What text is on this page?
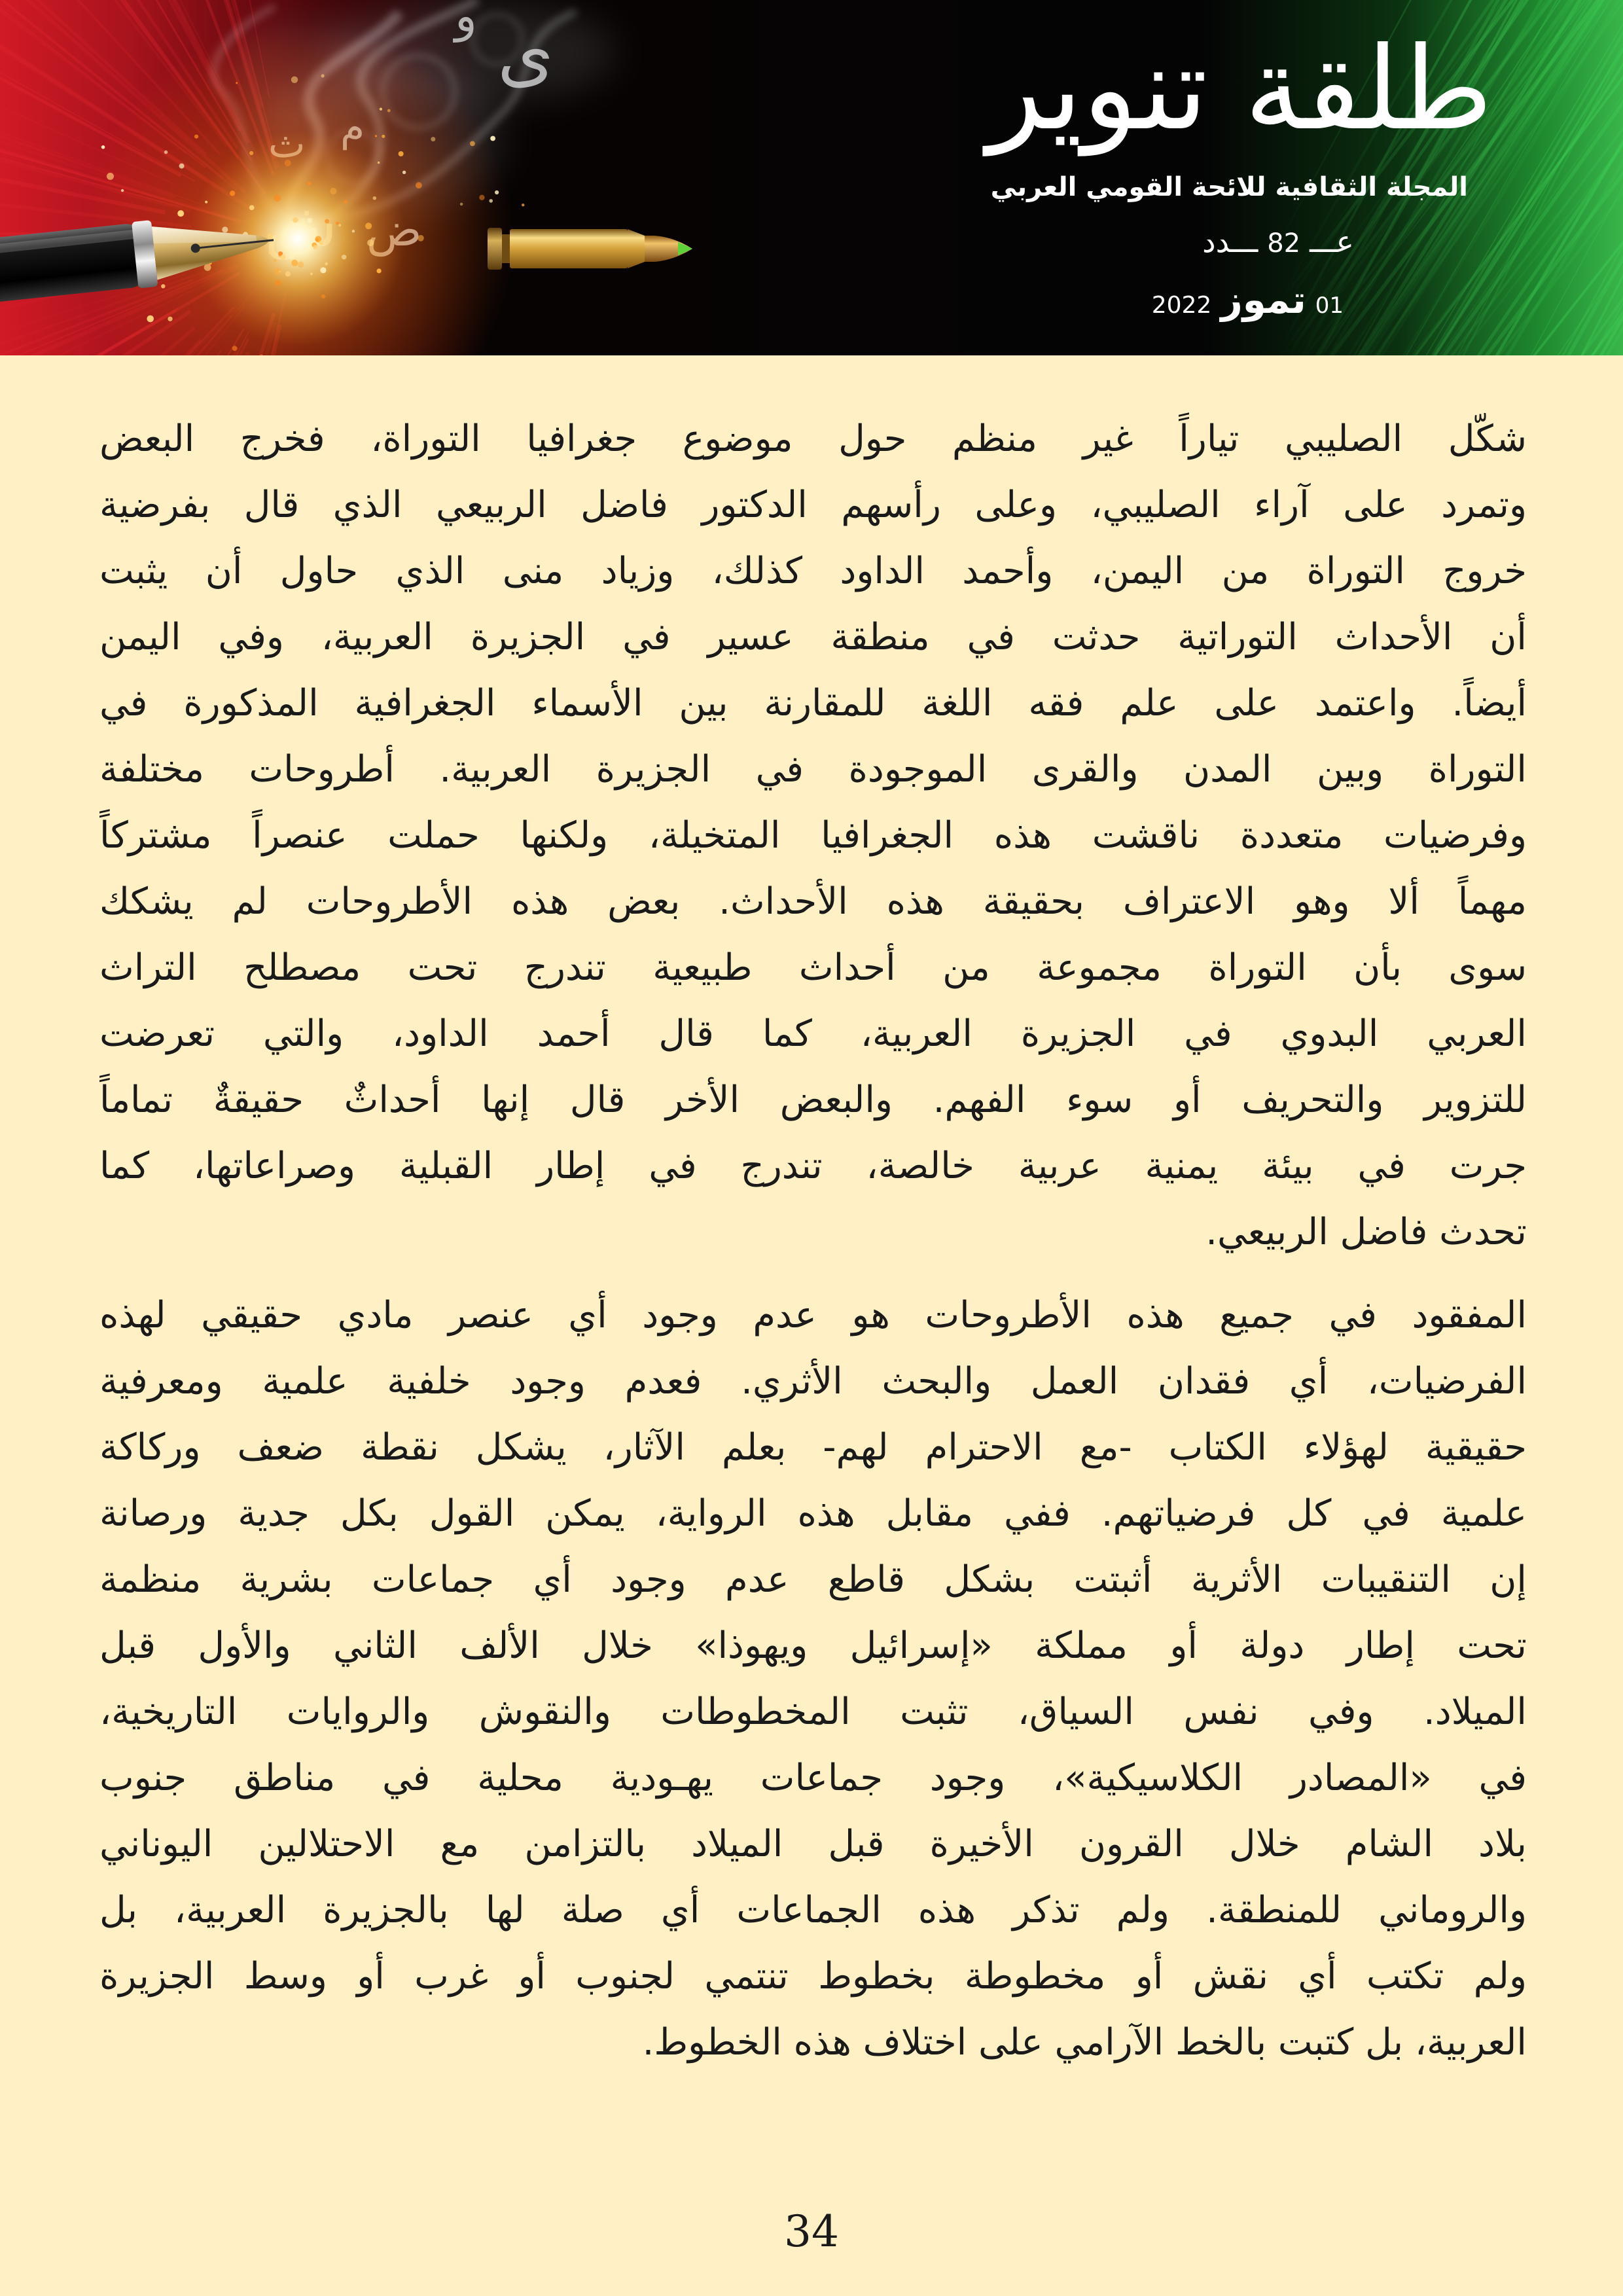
ى
و
طلقة تنوير
المجلة الثقافية للائحة القومي العربي
عـــ82ـــدد
01تموز2022
شكّل الصليبي تياراً غير منظم حول موضوع جغرافيا التوراة، فخرج البعض
وتمرد على آراء الصليبي، وعلى رأسهم الدكتور فاضل الربيعي الذي قال بفرضية
خروج التوراة من اليمن، وأحمد الداود كذلك، وزياد منى الذي حاول أن يثبت
أن الأحداث التوراتية حدثت في منطقة عسير في الجزيرة العربية، وفي اليمن
أيضاً. واعتمد على علم فقه اللغة للمقارنة بين الأسماء الجغرافية المذكورة في
التوراة وبين المدن والقرى الموجودة في الجزيرة العربية. أطروحات مختلفة
وفرضيات متعددة ناقشت هذه الجغرافيا المتخيلة، ولكنها حملت عنصراً مشتركاً
مهماً ألا وهو الاعتراف بحقيقة هذه الأحداث. بعض هذه الأطروحات لم يشكك
سوى بأن التوراة مجموعة من أحداث طبيعية تندرج تحت مصطلح التراث
العربي البدوي في الجزيرة العربية، كما قال أحمد الداود، والتي تعرضت
للتزوير والتحريف أو سوء الفهم. والبعض الأخر قال إنها أحداثٌ حقيقةٌ تماماً
جرت في بيئة يمنية عربية خالصة، تندرج في إطار القبلية وصراعاتها، كما
تحدث فاضل الربيعي.
المفقود في جميع هذه الأطروحات هو عدم وجود أي عنصر مادي حقيقي لهذه
الفرضيات، أي فقدان العمل والبحث الأثري. فعدم وجود خلفية علمية ومعرفية
حقيقية لهؤلاء الكتاب -مع الاحترام لهم- بعلم الآثار، يشكل نقطة ضعف وركاكة
علمية في كل فرضياتهم. ففي مقابل هذه الرواية، يمكن القول بكل جدية ورصانة
إن التنقيبات الأثرية أثبتت بشكل قاطع عدم وجود أي جماعات بشرية منظمة
تحت إطار دولة أو مملكة «إسرائيل ويهوذا» خلال الألف الثاني والأول قبل
الميلاد. وفي نفس السياق، تثبت المخطوطات والنقوش والروايات التاريخية،
في «المصادر الكلاسيكية»، وجود جماعات يهـودية محلية في مناطق جنوب
بلاد الشام خلال القرون الأخيرة قبل الميلاد بالتزامن مع الاحتلالين اليوناني
والروماني للمنطقة. ولم تذكر هذه الجماعات أي صلة لها بالجزيرة العربية، بل
ولم تكتب أي نقش أو مخطوطة بخطوط تنتمي لجنوب أو غرب أو وسط الجزيرة
العربية، بل كتبت بالخط الآرامي على اختلاف هذه الخطوط.
34
